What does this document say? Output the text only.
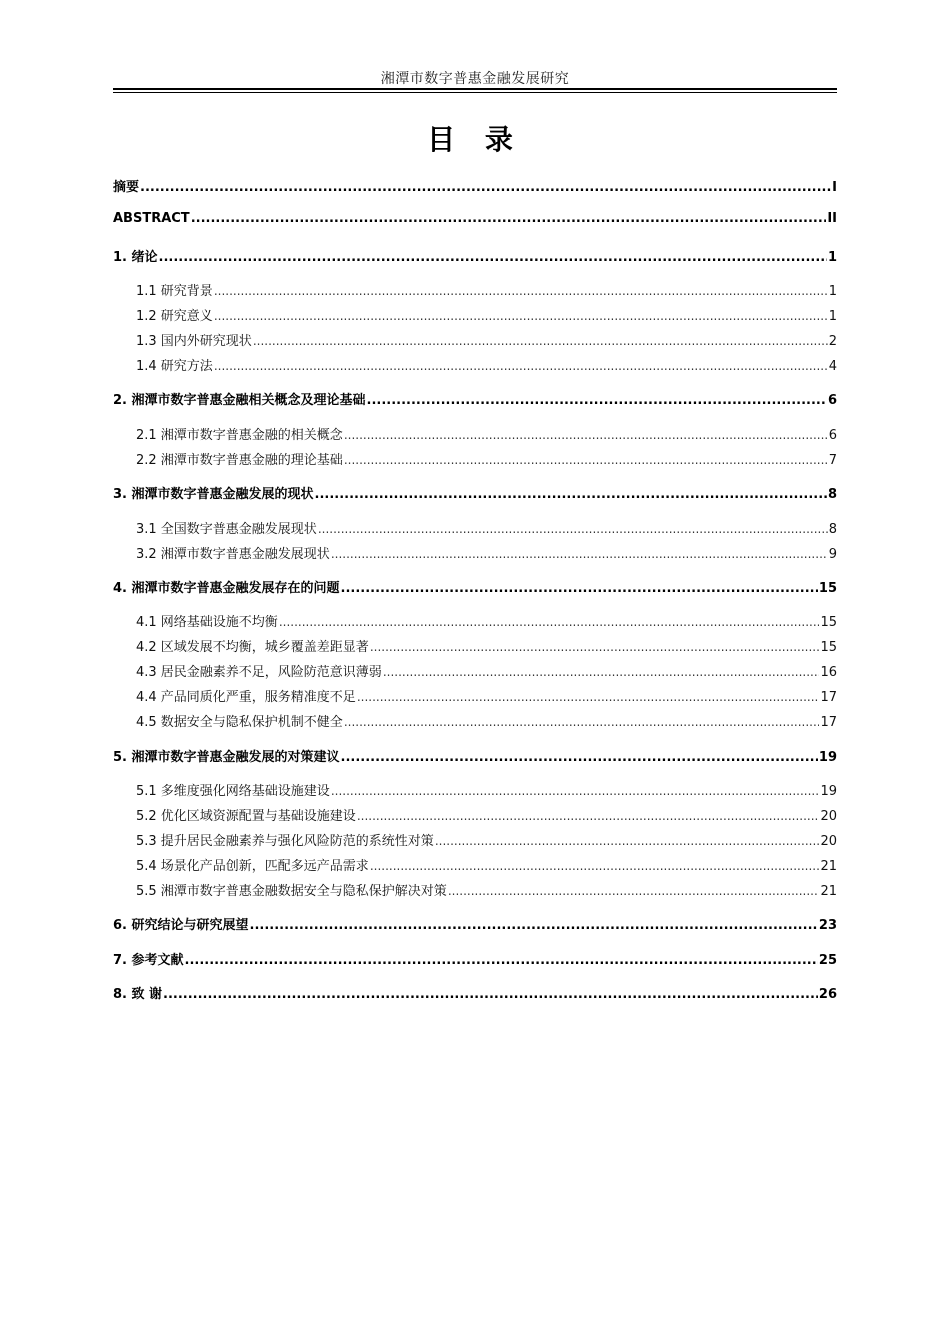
湘潭市数字普惠金融发展研究
目 录
摘要 .....	I
ABSTRACT .....	II
1. 绪论 .....	1
1.1 研究背景 .....	1
1.2 研究意义 .....	1
1.3 国内外研究现状 .....	2
1.4 研究方法 .....	4
2. 湘潭市数字普惠金融相关概念及理论基础 .....	6
2.1 湘潭市数字普惠金融的相关概念 .....	6
2.2 湘潭市数字普惠金融的理论基础 .....	7
3. 湘潭市数字普惠金融发展的现状 .....	8
3.1 全国数字普惠金融发展现状 .....	8
3.2 湘潭市数字普惠金融发展现状 .....	9
4. 湘潭市数字普惠金融发展存在的问题 .....	15
4.1 网络基础设施不均衡 .....	15
4.2 区域发展不均衡，城乡覆盖差距显著 .....	15
4.3 居民金融素养不足，风险防范意识薄弱 .....	16
4.4 产品同质化严重，服务精准度不足 .....	17
4.5 数据安全与隐私保护机制不健全 .....	17
5. 湘潭市数字普惠金融发展的对策建议 .....	19
5.1 多维度强化网络基础设施建设 .....	19
5.2 优化区域资源配置与基础设施建设 .....	20
5.3 提升居民金融素养与强化风险防范的系统性对策 .....	20
5.4 场景化产品创新，匹配多远产品需求 .....	21
5.5 湘潭市数字普惠金融数据安全与隐私保护解决对策 .....	21
6. 研究结论与研究展望 .....	23
7. 参考文献 .....	25
8. 致 谢 .....	26
